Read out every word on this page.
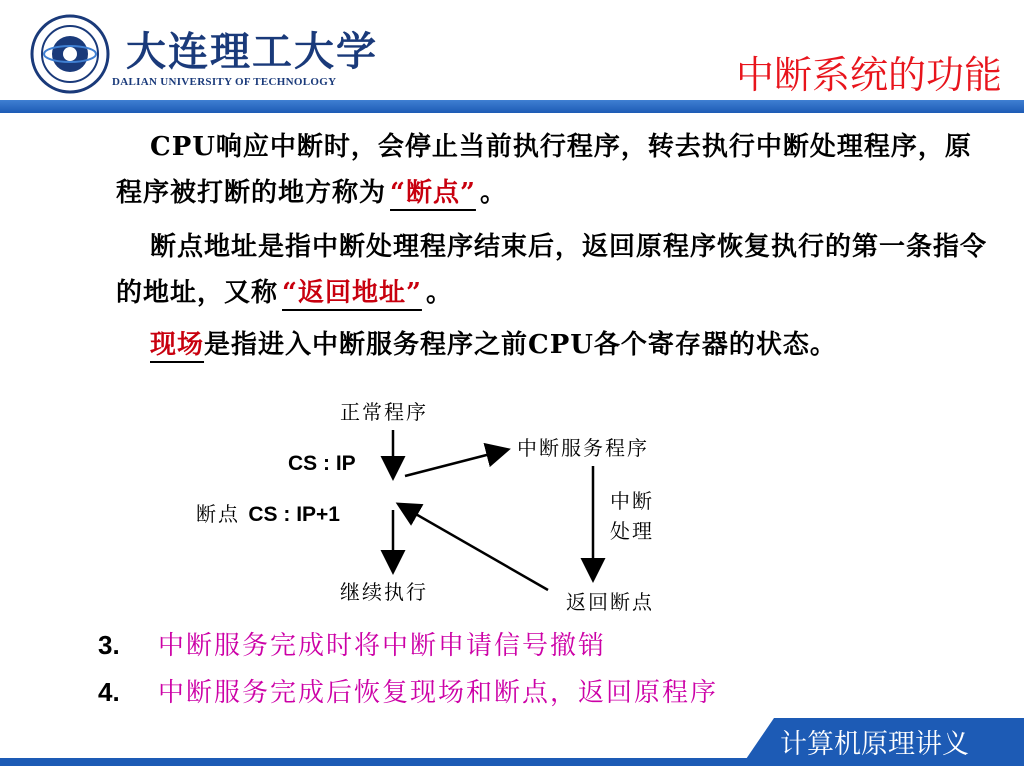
大连理工大学
DALIAN UNIVERSITY OF TECHNOLOGY	中断系统的功能
CPU响应中断时，会停止当前执行程序，转去执行中断处理程序，原程序被打断的地方称为 “断点” 。
断点地址是指中断处理程序结束后，返回原程序恢复执行的第一条指令的地址，又称 “返回地址” 。
现场是指进入中断服务程序之前CPU各个寄存器的状态。
正常程序
CS : IP
断点 CS : IP+1
中断服务程序
中断
处理
继续执行	返回断点
3. 中断服务完成时将中断申请信号撤销
4. 中断服务完成后恢复现场和断点，返回原程序
计算机原理讲义
